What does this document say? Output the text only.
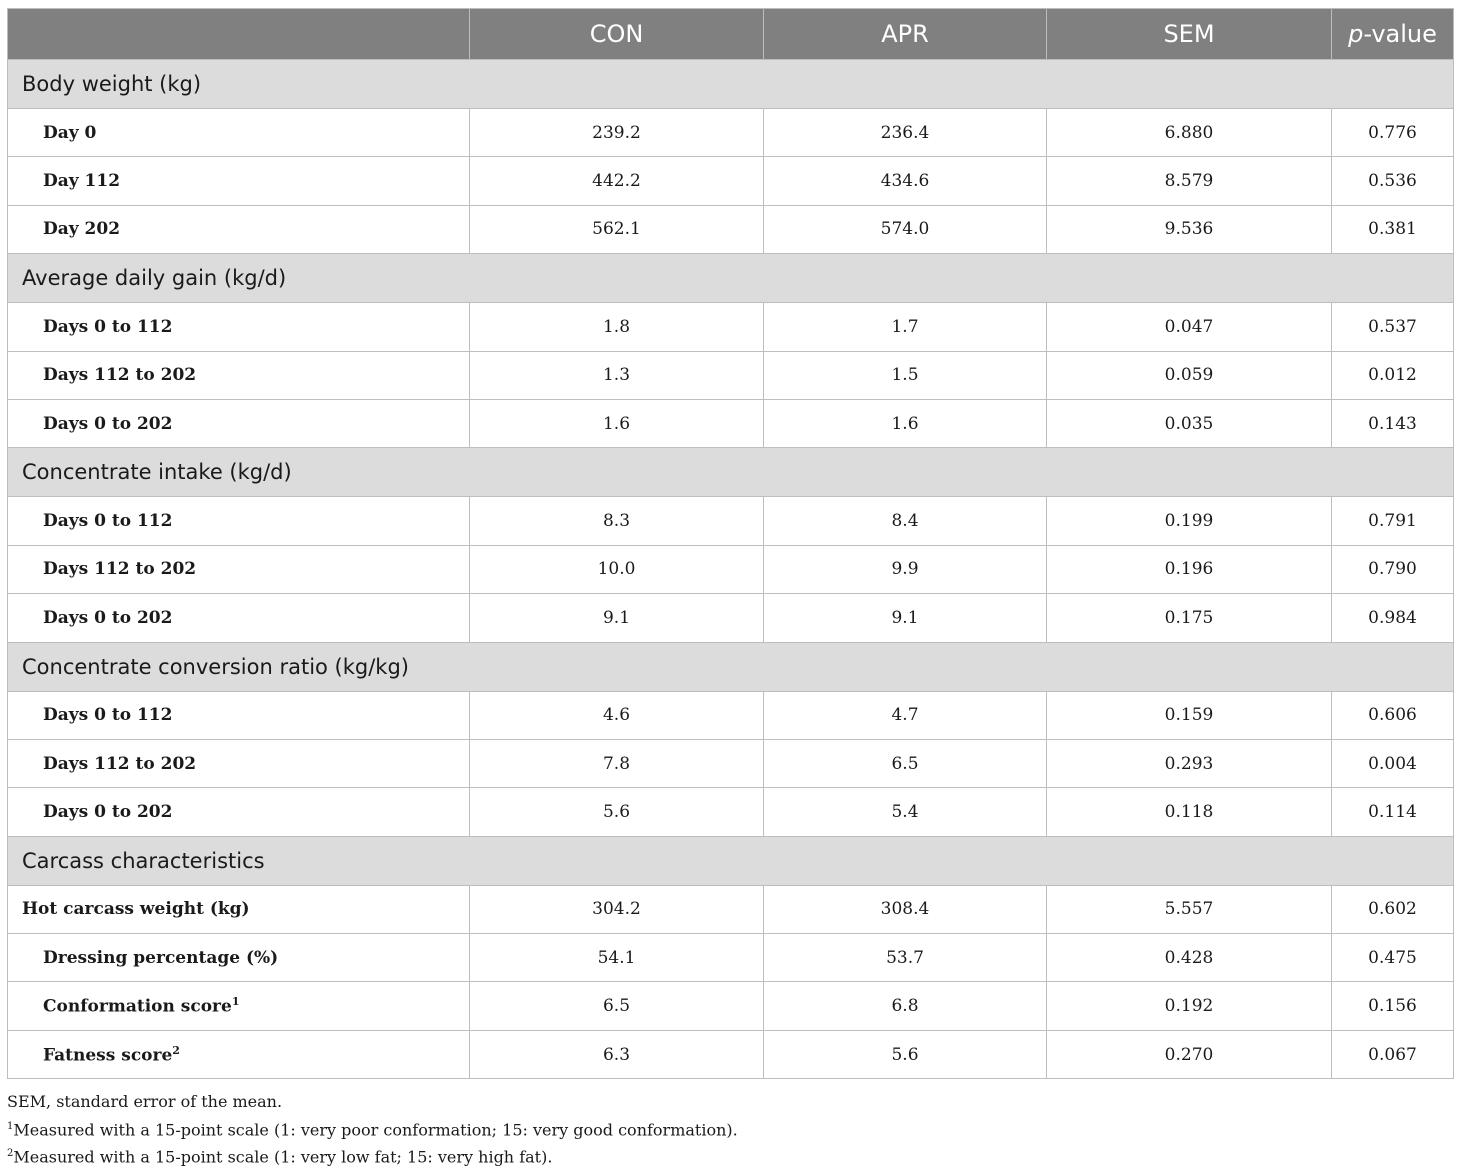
	CON	APR	SEM	p-value
Body weight (kg)				
Day 0	239.2	236.4	6.880	0.776
Day 112	442.2	434.6	8.579	0.536
Day 202	562.1	574.0	9.536	0.381
Average daily gain (kg/d)				
Days 0 to 112	1.8	1.7	0.047	0.537
Days 112 to 202	1.3	1.5	0.059	0.012
Days 0 to 202	1.6	1.6	0.035	0.143
Concentrate intake (kg/d)				
Days 0 to 112	8.3	8.4	0.199	0.791
Days 112 to 202	10.0	9.9	0.196	0.790
Days 0 to 202	9.1	9.1	0.175	0.984
Concentrate conversion ratio (kg/kg)				
Days 0 to 112	4.6	4.7	0.159	0.606
Days 112 to 202	7.8	6.5	0.293	0.004
Days 0 to 202	5.6	5.4	0.118	0.114
Carcass characteristics				
Hot carcass weight (kg)	304.2	308.4	5.557	0.602
Dressing percentage (%)	54.1	53.7	0.428	0.475
Conformation score$^1$	6.5	6.8	0.192	0.156
Fatness score$^2$	6.3	5.6	0.270	0.067
SEM, standard error of the mean.
$^1$Measured with a 15-point scale (1: very poor conformation; 15: very good conformation).
$^2$Measured with a 15-point scale (1: very low fat; 15: very high fat).
